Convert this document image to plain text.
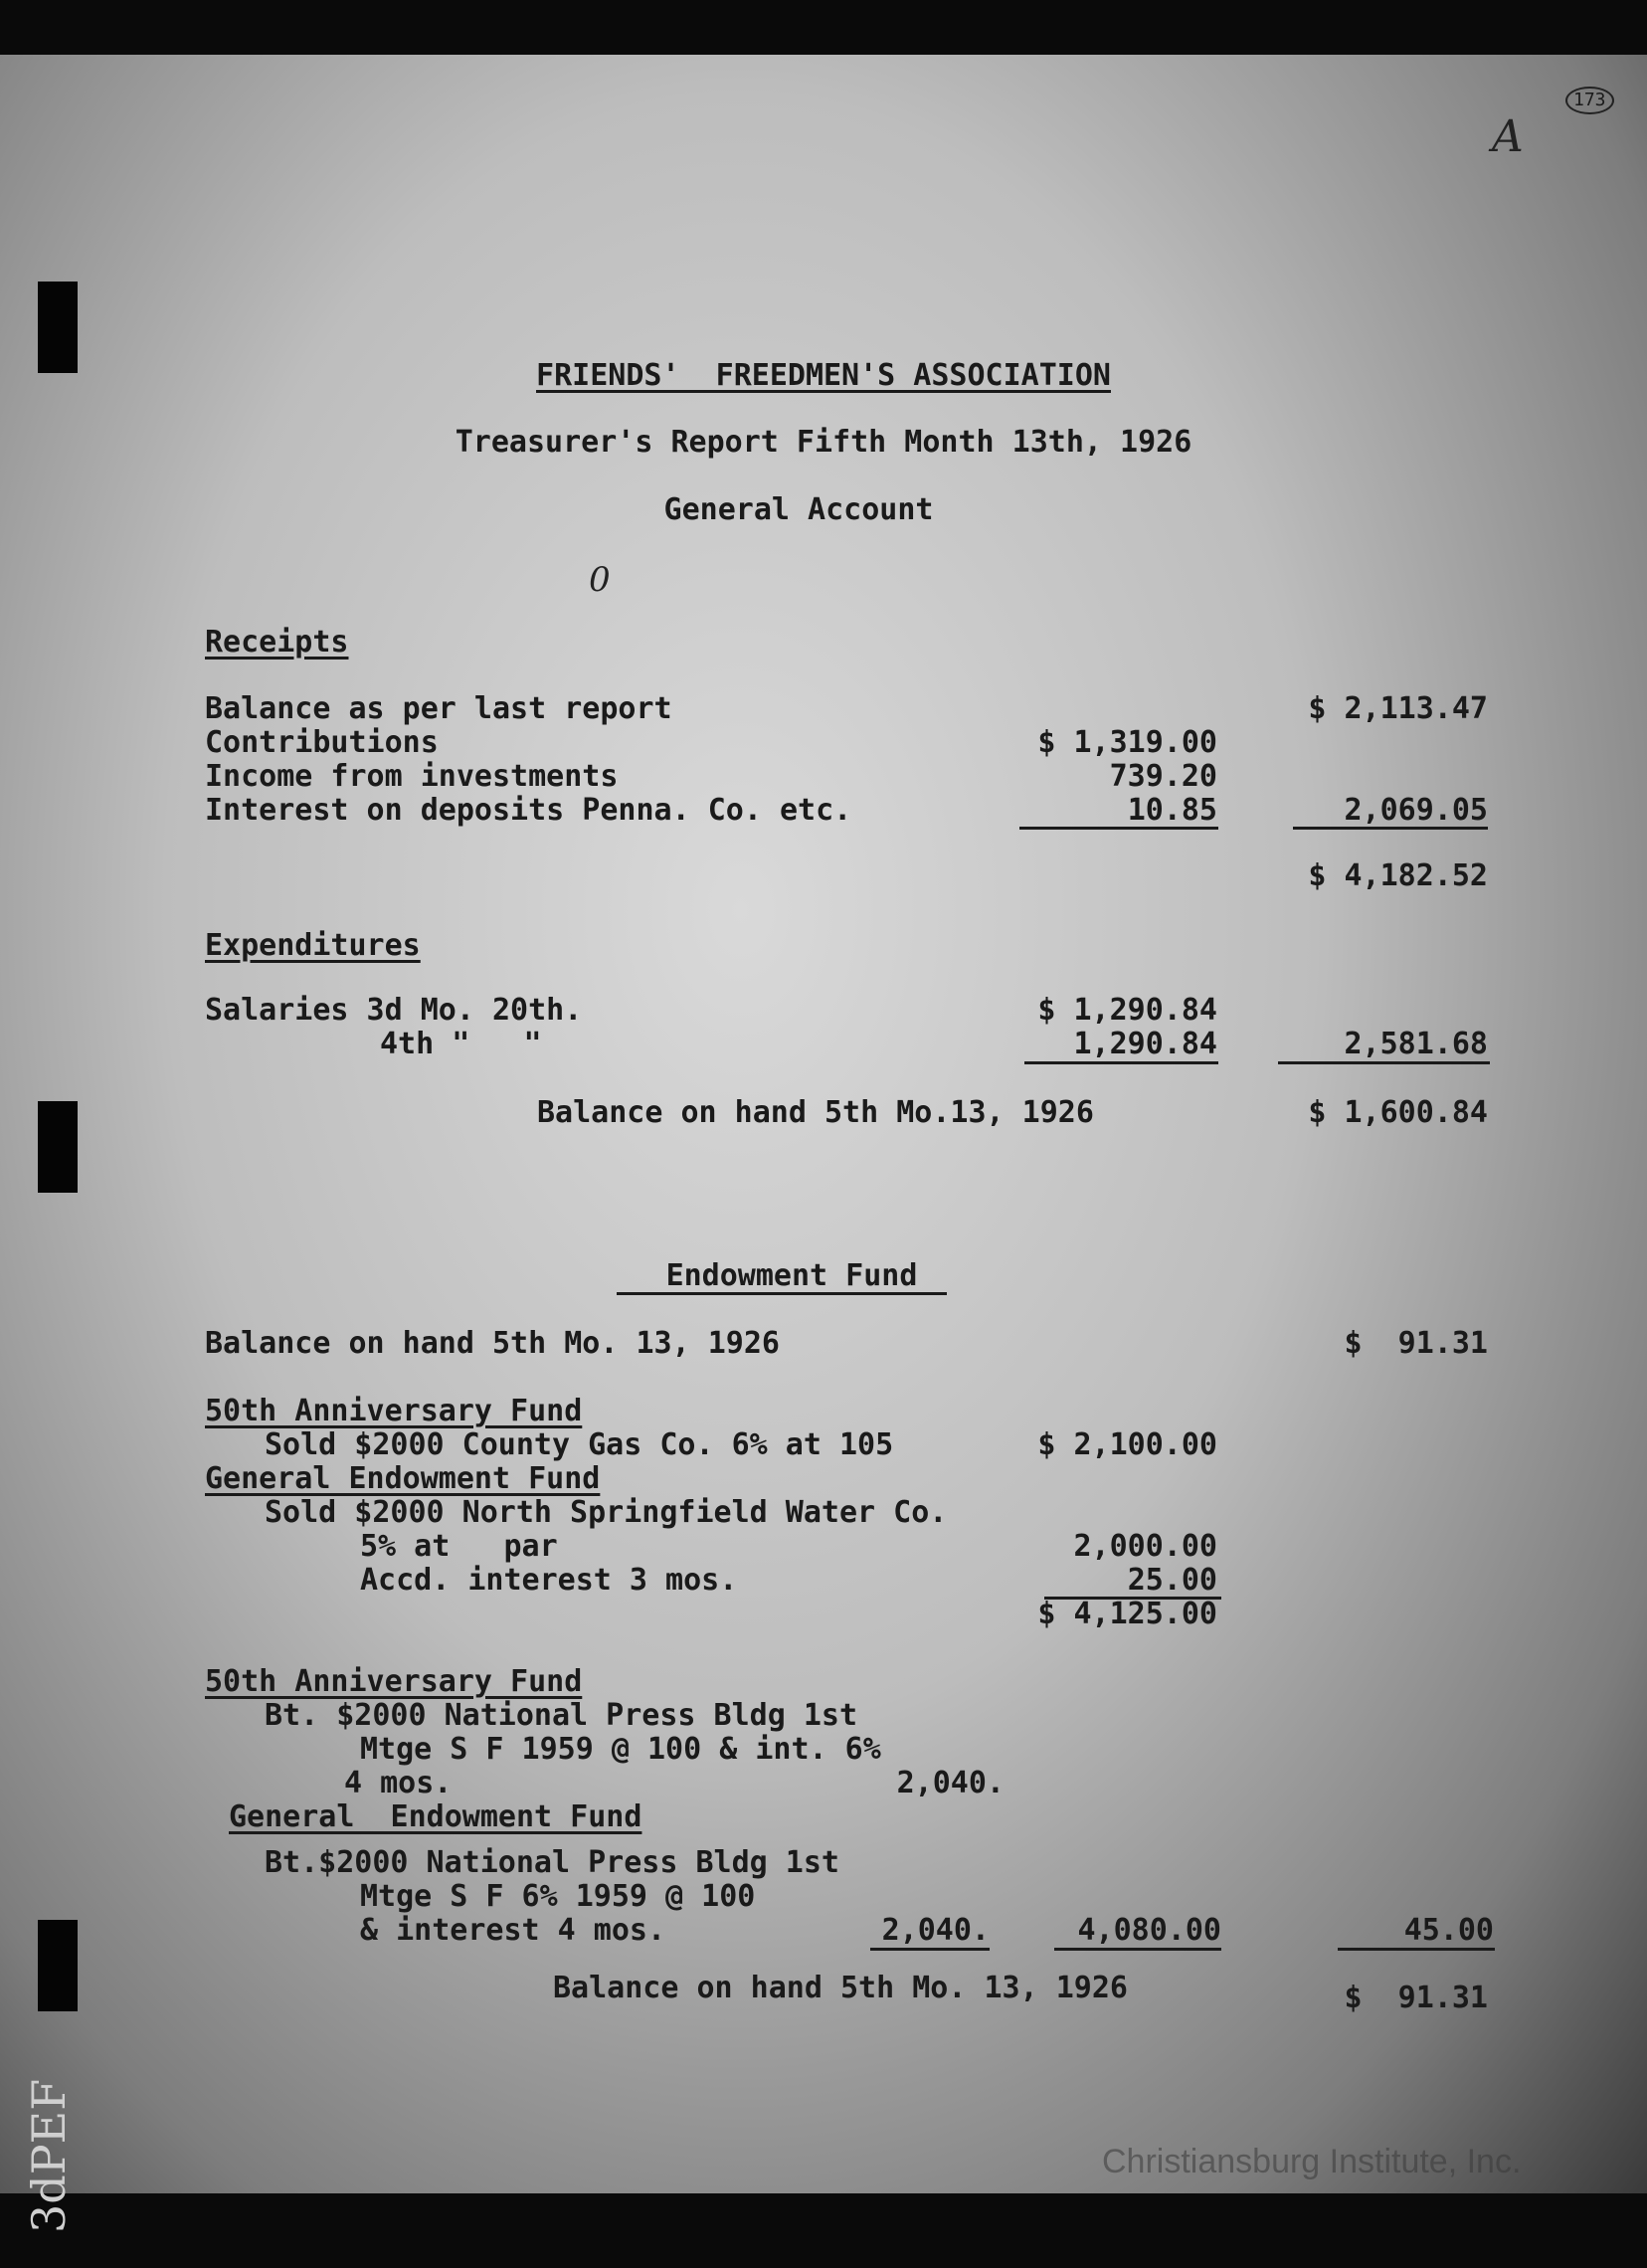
A
173
0
FRIENDS'  FREEDMEN'S ASSOCIATION
Treasurer's Report Fifth Month 13th, 1926
General Account
Receipts
Balance as per last report	$ 2,113.47
Contributions	$ 1,319.00
Income from investments	739.20
Interest on deposits Penna. Co. etc.	10.85	2,069.05
$ 4,182.52
Expenditures
Salaries 3d Mo. 20th.	$ 1,290.84
4th "   "	1,290.84	2,581.68
Balance on hand 5th Mo.13, 1926	$ 1,600.84
Endowment Fund
Balance on hand 5th Mo. 13, 1926	$  91.31
50th Anniversary Fund
Sold $2000 County Gas Co. 6% at 105	$ 2,100.00
General Endowment Fund
Sold $2000 North Springfield Water Co.
5% at   par	2,000.00
Accd. interest 3 mos.	25.00
$ 4,125.00
50th Anniversary Fund
Bt. $2000 National Press Bldg 1st
Mtge S F 1959 @ 100 & int. 6%
4 mos.	2,040.
General  Endowment Fund
Bt.$2000 National Press Bldg 1st
Mtge S F 6% 1959 @ 100
& interest 4 mos.	2,040.	4,080.00	45.00
Balance on hand 5th Mo. 13, 1926	$  91.31
3dPEF	Christiansburg Institute, Inc.
